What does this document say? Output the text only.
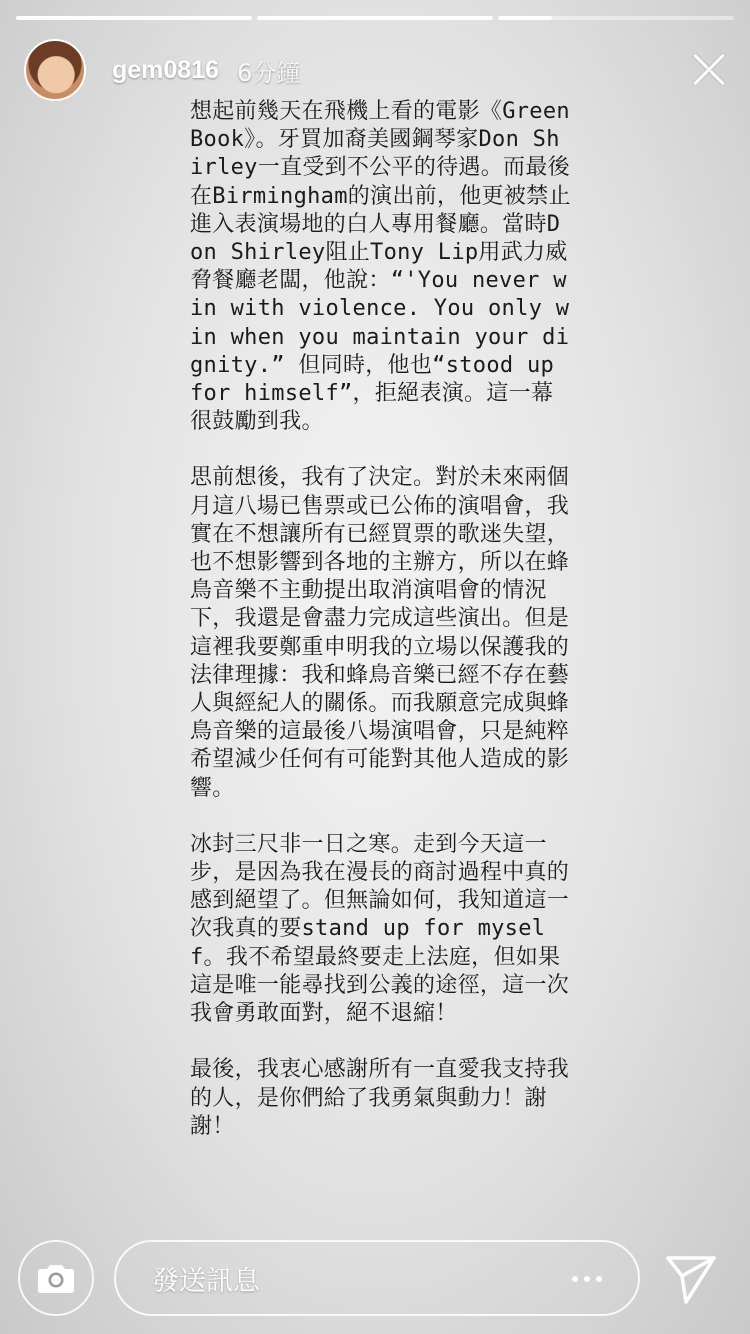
gem0816 6分鐘

想起前幾天在飛機上看的電影《Green Book》。牙買加裔美國鋼琴家Don Shirley一直受到不公平的待遇。而最後在Birmingham的演出前，他更被禁止進入表演場地的白人專用餐廳。當時Don Shirley阻止Tony Lip用武力威脅餐廳老闆，他說：“'You never win with violence. You only win when you maintain your dignity.” 但同時，他也“stood up for himself”，拒絕表演。這一幕很鼓勵到我。

思前想後，我有了決定。對於未來兩個月這八場已售票或已公佈的演唱會，我實在不想讓所有已經買票的歌迷失望，也不想影響到各地的主辦方，所以在蜂鳥音樂不主動提出取消演唱會的情況下，我還是會盡力完成這些演出。但是這裡我要鄭重申明我的立場以保護我的法律理據：我和蜂鳥音樂已經不存在藝人與經紀人的關係。而我願意完成與蜂鳥音樂的這最後八場演唱會，只是純粹希望減少任何有可能對其他人造成的影響。

冰封三尺非一日之寒。走到今天這一步，是因為我在漫長的商討過程中真的感到絕望了。但無論如何，我知道這一次我真的要stand up for myself。我不希望最終要走上法庭，但如果這是唯一能尋找到公義的途徑，這一次我會勇敢面對，絕不退縮！

最後，我衷心感謝所有一直愛我支持我的人，是你們給了我勇氣與動力！謝謝！

發送訊息
